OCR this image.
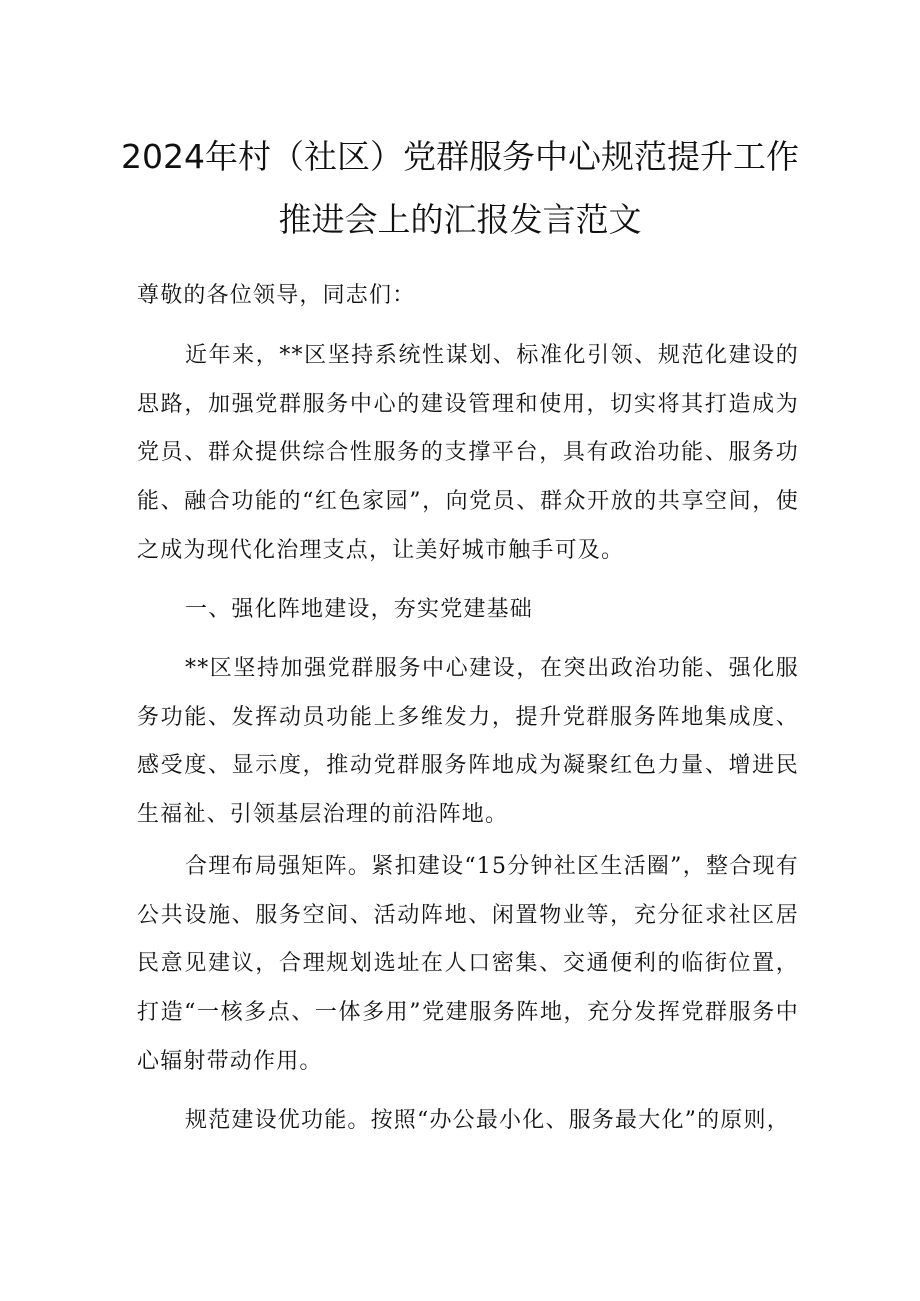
2024年村（社区）党群服务中心规范提升工作
推进会上的汇报发言范文
尊敬的各位领导，同志们：
近年来，**区坚持系统性谋划、标准化引领、规范化建设的思路，加强党群服务中心的建设管理和使用，切实将其打造成为党员、群众提供综合性服务的支撑平台，具有政治功能、服务功能、融合功能的“红色家园”，向党员、群众开放的共享空间，使之成为现代化治理支点，让美好城市触手可及。
一、强化阵地建设，夯实党建基础
**区坚持加强党群服务中心建设，在突出政治功能、强化服务功能、发挥动员功能上多维发力，提升党群服务阵地集成度、感受度、显示度，推动党群服务阵地成为凝聚红色力量、增进民生福祉、引领基层治理的前沿阵地。
合理布局强矩阵。紧扣建设“15分钟社区生活圈”，整合现有公共设施、服务空间、活动阵地、闲置物业等，充分征求社区居民意见建议，合理规划选址在人口密集、交通便利的临街位置，打造“一核多点、一体多用”党建服务阵地，充分发挥党群服务中心辐射带动作用。
规范建设优功能。按照“办公最小化、服务最大化”的原则，
